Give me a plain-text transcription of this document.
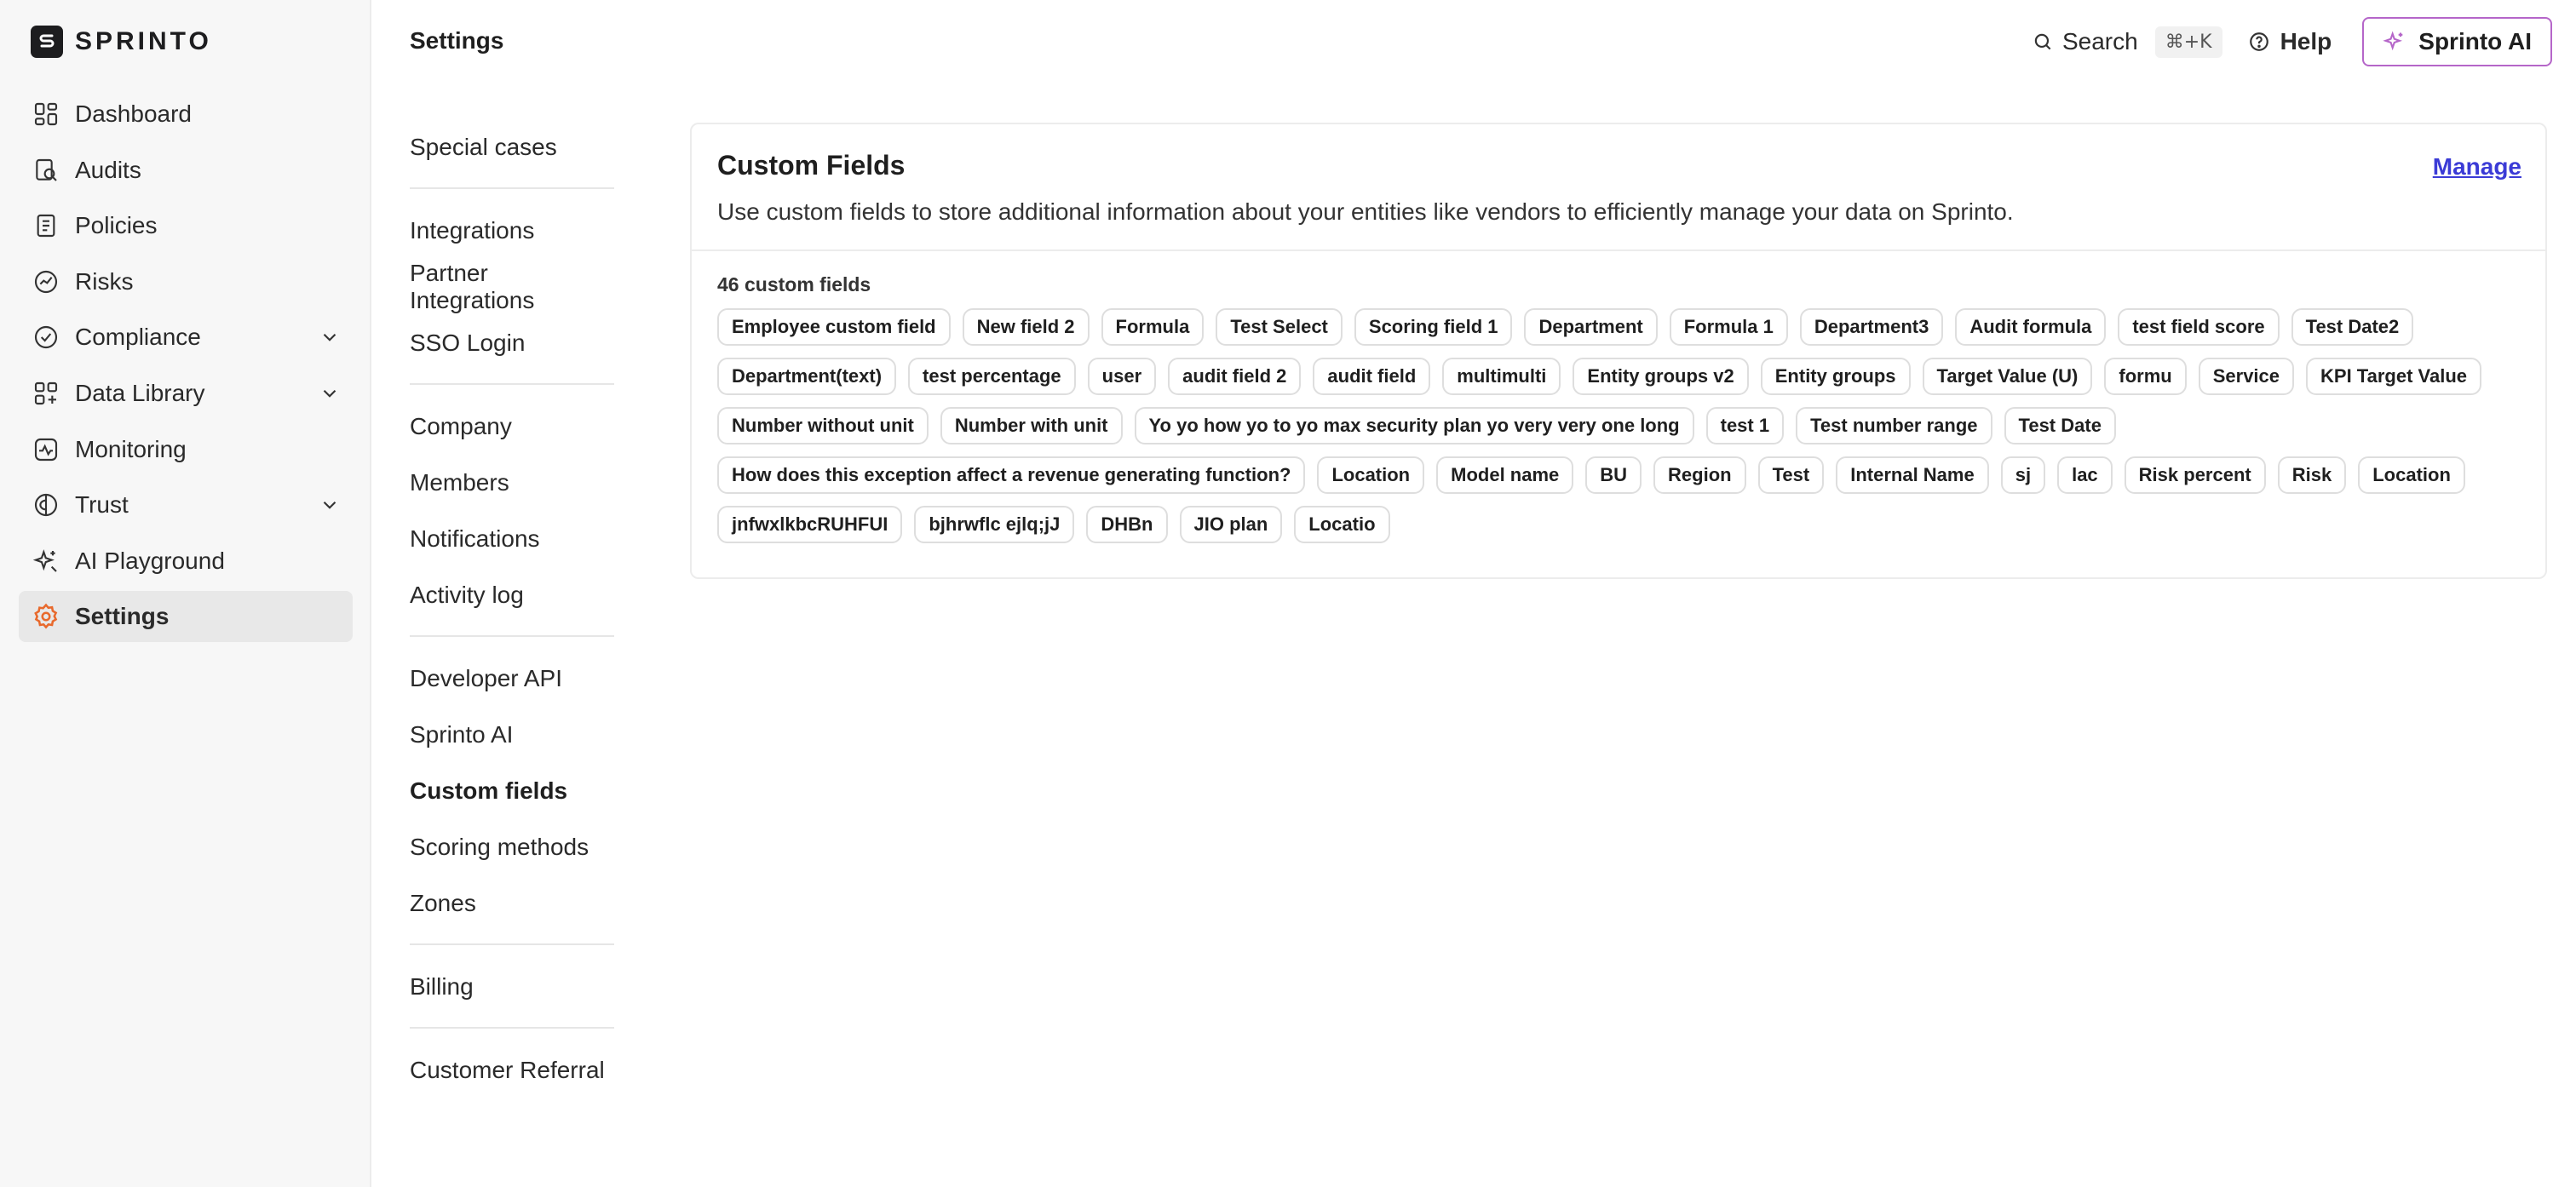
SPRINTO
Dashboard
Audits
Policies
Risks
Compliance
Data Library
Monitoring
Trust
AI Playground
Settings
Settings	Search	⌘+K	Help	Sprinto AI
Special cases
Integrations
Partner Integrations
SSO Login
Company
Members
Notifications
Activity log
Developer API
Sprinto AI
Custom fields
Scoring methods
Zones
Billing
Customer Referral
Custom Fields
Use custom fields to store additional information about your entities like vendors to efficiently manage your data on Sprinto.
Manage
46 custom fields
Employee custom field	New field 2	Formula	Test Select	Scoring field 1	Department	Formula 1	Department3	Audit formula	test field score	Test Date2
Department(text)	test percentage	user	audit field 2	audit field	multimulti	Entity groups v2	Entity groups	Target Value (U)	formu	Service	KPI Target Value
Number without unit	Number with unit	Yo yo how yo to yo max security plan yo very very one long	test 1	Test number range	Test Date
How does this exception affect a revenue generating function?	Location	Model name	BU	Region	Test	Internal Name	sj	lac	Risk percent	Risk	Location
jnfwxlkbcRUHFUI	bjhrwflc ejlq;jJ	DHBn	JIO plan	Locatio
